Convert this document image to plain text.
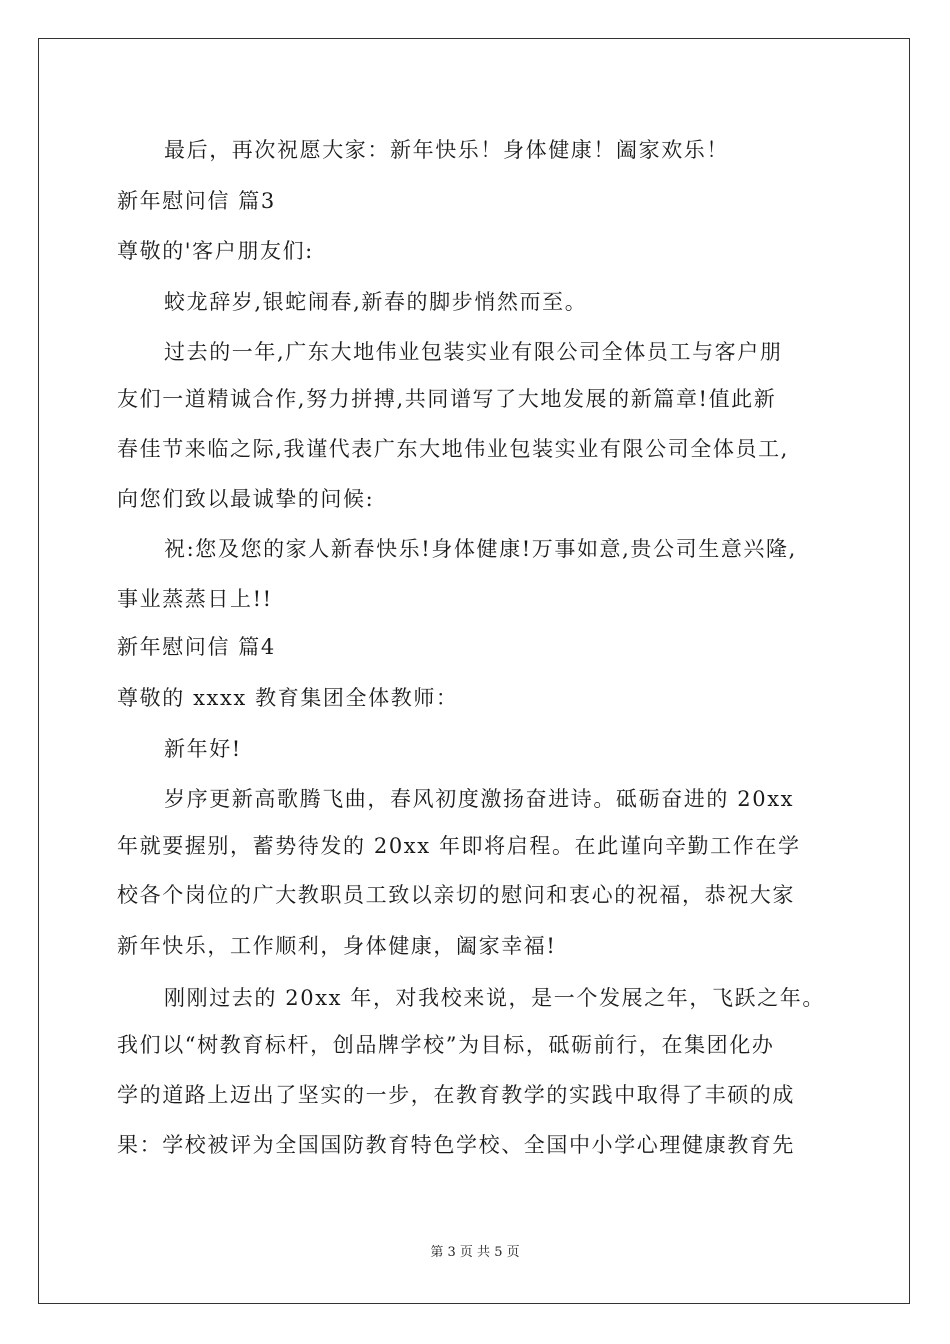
最后，再次祝愿大家：新年快乐！身体健康！阖家欢乐！
新年慰问信 篇3
尊敬的'客户朋友们:
蛟龙辞岁,银蛇闹春,新春的脚步悄然而至。
过去的一年,广东大地伟业包装实业有限公司全体员工与客户朋
友们一道精诚合作,努力拼搏,共同谱写了大地发展的新篇章!值此新
春佳节来临之际,我谨代表广东大地伟业包装实业有限公司全体员工,
向您们致以最诚挚的问候:
祝:您及您的家人新春快乐!身体健康!万事如意,贵公司生意兴隆,
事业蒸蒸日上!!
新年慰问信 篇4
尊敬的 xxxx 教育集团全体教师：
新年好!
岁序更新高歌腾飞曲，春风初度激扬奋进诗。砥砺奋进的 20xx
年就要握别，蓄势待发的 20xx 年即将启程。在此谨向辛勤工作在学
校各个岗位的广大教职员工致以亲切的慰问和衷心的祝福，恭祝大家
新年快乐，工作顺利，身体健康，阖家幸福!
刚刚过去的 20xx 年，对我校来说，是一个发展之年，飞跃之年。
我们以“树教育标杆，创品牌学校”为目标，砥砺前行，在集团化办
学的道路上迈出了坚实的一步，在教育教学的实践中取得了丰硕的成
果：学校被评为全国国防教育特色学校、全国中小学心理健康教育先
第 3 页 共 5 页
